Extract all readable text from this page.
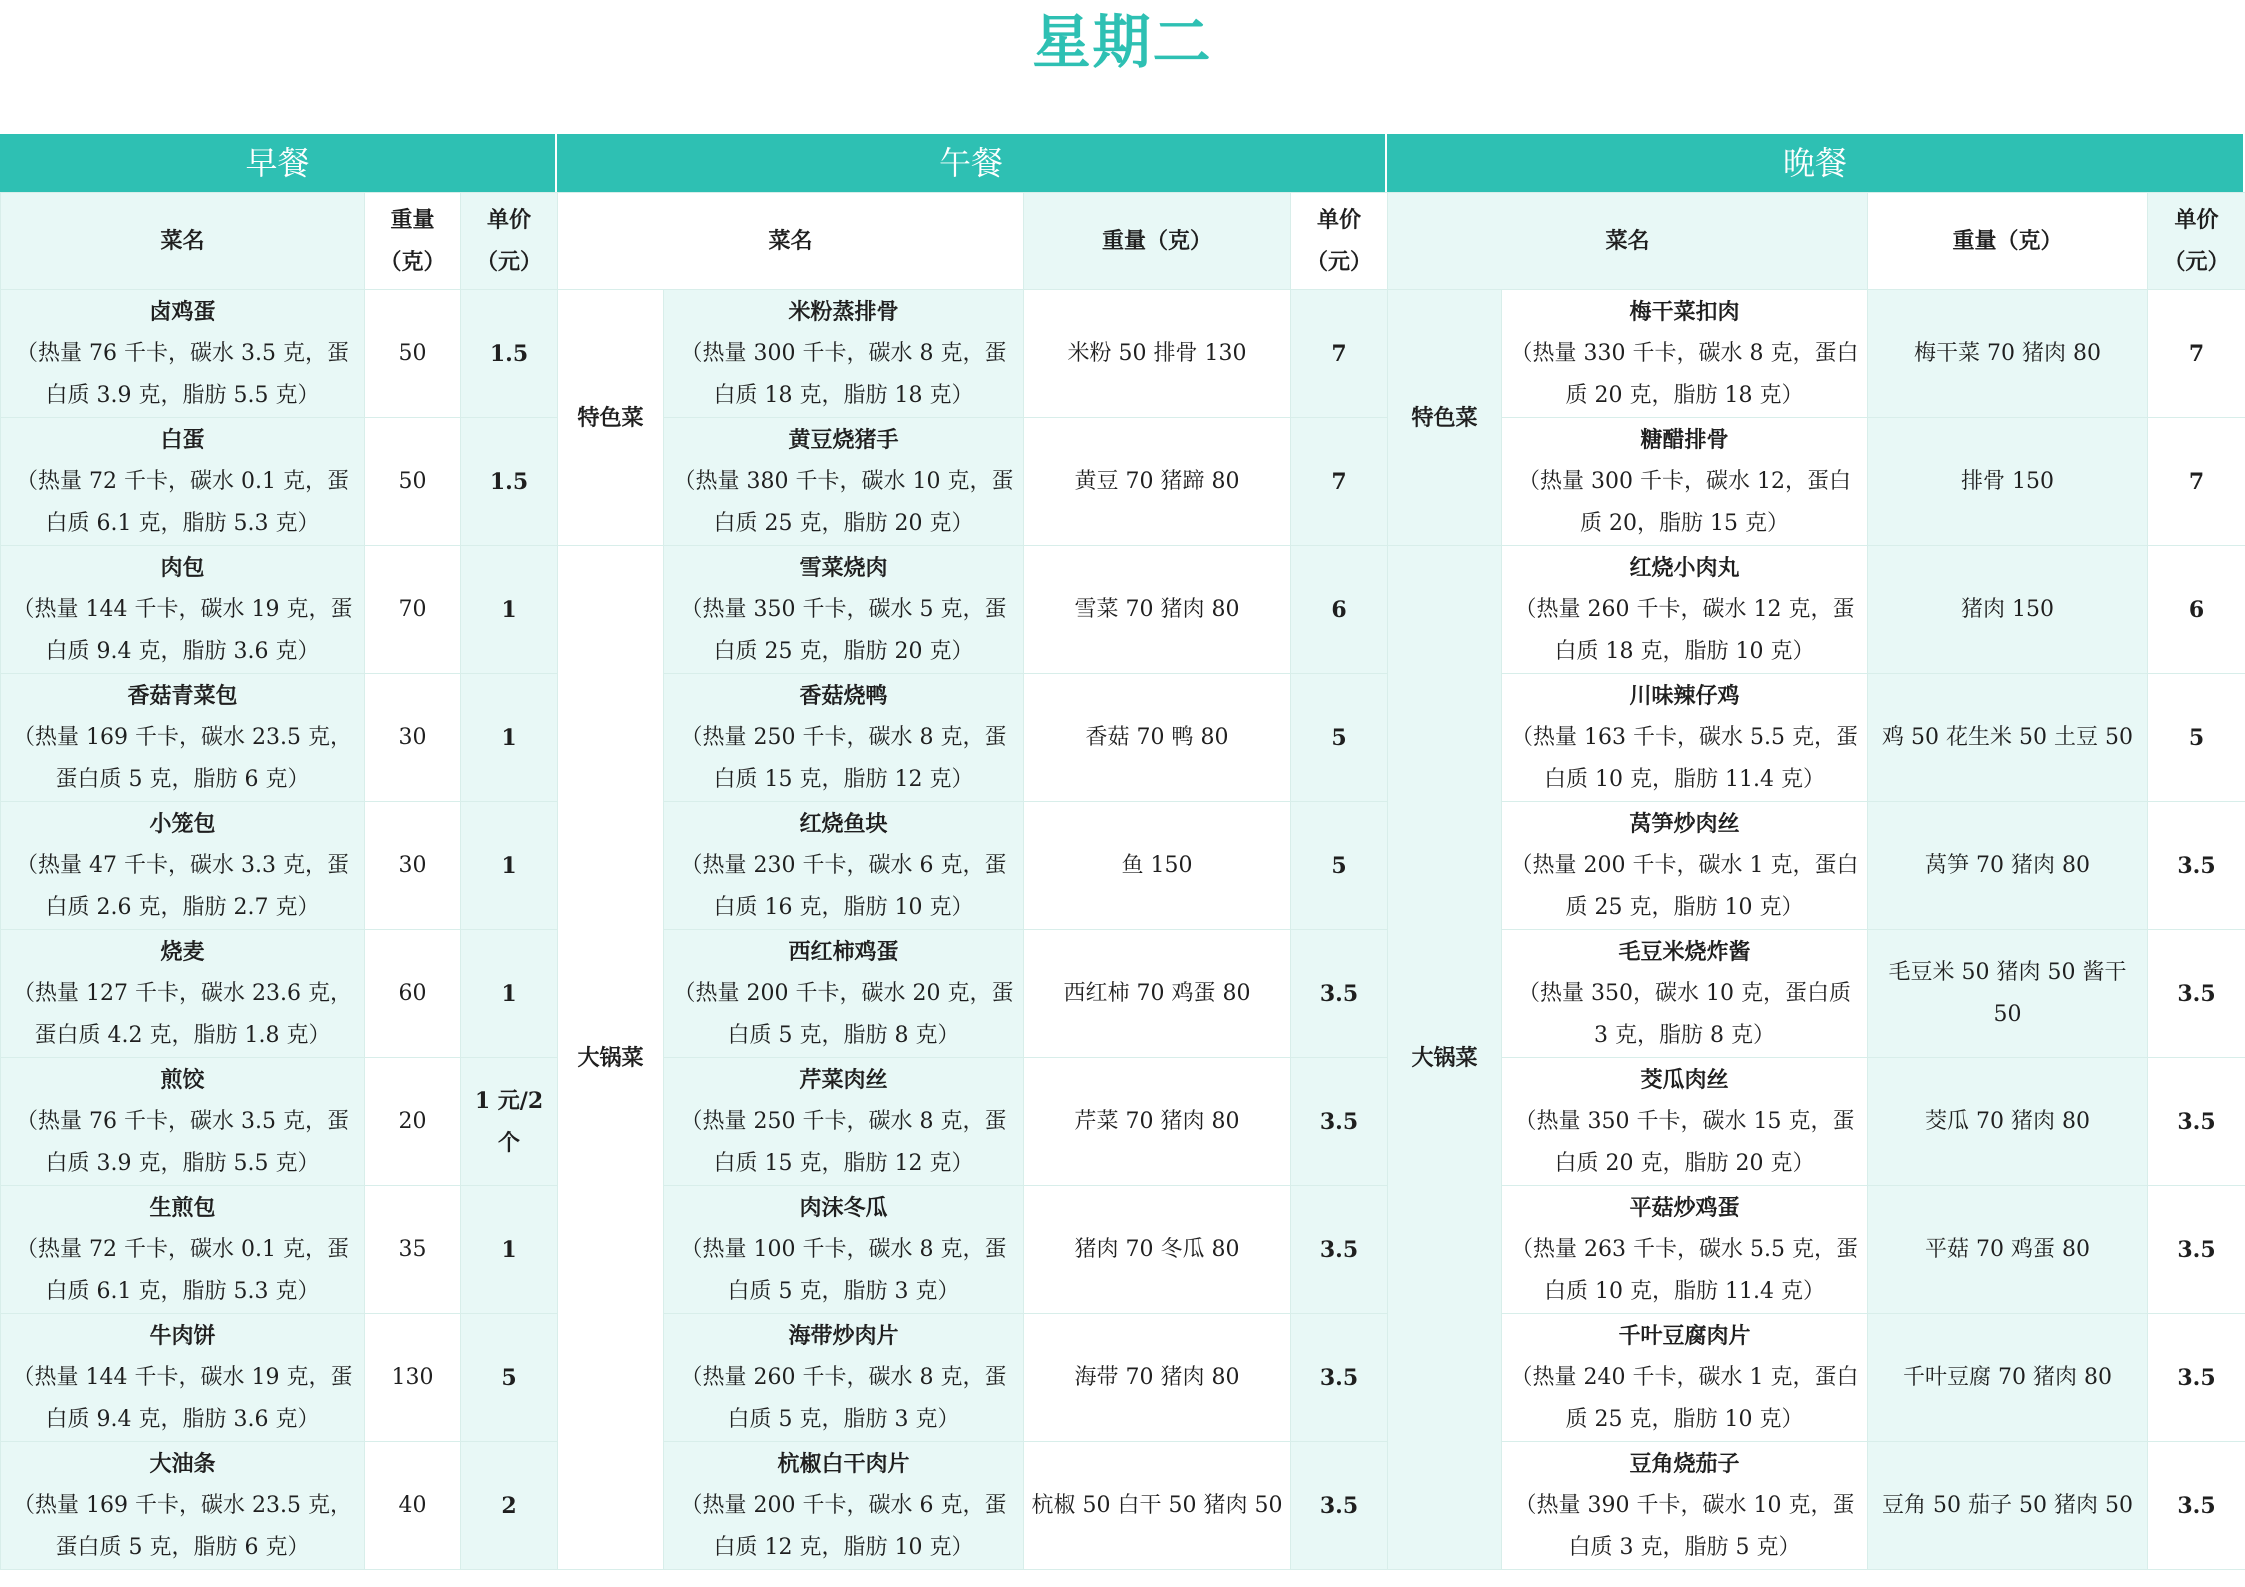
星期二
早餐
菜名	重量（克）	单价（元）

卤鸡蛋
（热量 76 千卡，碳水 3.5 克，蛋白质 3.9 克，脂肪 5.5 克）	50	1.5

白蛋
（热量 72 千卡，碳水 0.1 克，蛋白质 6.1 克，脂肪 5.3 克）	50	1.5

肉包
（热量 144 千卡，碳水 19 克，蛋白质 9.4 克，脂肪 3.6 克）	70	1

香菇青菜包
（热量 169 千卡，碳水 23.5 克，蛋白质 5 克，脂肪 6 克）	30	1

小笼包
（热量 47 千卡，碳水 3.3 克，蛋白质 2.6 克，脂肪 2.7 克）	30	1

烧麦
（热量 127 千卡，碳水 23.6 克，蛋白质 4.2 克，脂肪 1.8 克）	60	1

煎饺
（热量 76 千卡，碳水 3.5 克，蛋白质 3.9 克，脂肪 5.5 克）	20	1 元/2 个

生煎包
（热量 72 千卡，碳水 0.1 克，蛋白质 6.1 克，脂肪 5.3 克）	35	1

牛肉饼
（热量 144 千卡，碳水 19 克，蛋白质 9.4 克，脂肪 3.6 克）	130	5

大油条
（热量 169 千卡，碳水 23.5 克，蛋白质 5 克，脂肪 6 克）	40	2
午餐
菜名		重量（克）	单价（元）
特色菜	米粉蒸排骨
（热量 300 千卡，碳水 8 克，蛋白质 18 克，脂肪 18 克）	米粉 50 排骨 130	7

	黄豆烧猪手
（热量 380 千卡，碳水 10 克，蛋白质 25 克，脂肪 20 克）	黄豆 70 猪蹄 80	7
大锅菜	雪菜烧肉
（热量 350 千卡，碳水 5 克，蛋白质 25 克，脂肪 20 克）	雪菜 70 猪肉 80	6

	香菇烧鸭
（热量 250 千卡，碳水 8 克，蛋白质 15 克，脂肪 12 克）	香菇 70 鸭 80	5

	红烧鱼块
（热量 230 千卡，碳水 6 克，蛋白质 16 克，脂肪 10 克）	鱼 150	5

	西红柿鸡蛋
（热量 200 千卡，碳水 20 克，蛋白质 5 克，脂肪 8 克）	西红柿 70 鸡蛋 80	3.5

	芹菜肉丝
（热量 250 千卡，碳水 8 克，蛋白质 15 克，脂肪 12 克）	芹菜 70 猪肉 80	3.5

	肉沫冬瓜
（热量 100 千卡，碳水 8 克，蛋白质 5 克，脂肪 3 克）	猪肉 70 冬瓜 80	3.5

	海带炒肉片
（热量 260 千卡，碳水 8 克，蛋白质 5 克，脂肪 3 克）	海带 70 猪肉 80	3.5

	杭椒白干肉片
（热量 200 千卡，碳水 6 克，蛋白质 12 克，脂肪 10 克）	杭椒 50 白干 50 猪肉 50	3.5
晚餐
菜名		重量（克）	单价（元）
特色菜	梅干菜扣肉
（热量 330 千卡，碳水 8 克，蛋白质 20 克，脂肪 18 克）	梅干菜 70 猪肉 80	7

	糖醋排骨
（热量 300 千卡，碳水 12，蛋白质 20，脂肪 15 克）	排骨 150	7
大锅菜	红烧小肉丸
（热量 260 千卡，碳水 12 克，蛋白质 18 克，脂肪 10 克）	猪肉 150	6

	川味辣仔鸡
（热量 163 千卡，碳水 5.5 克，蛋白质 10 克，脂肪 11.4 克）	鸡 50 花生米 50 土豆 50	5

	莴笋炒肉丝
（热量 200 千卡，碳水 1 克，蛋白质 25 克，脂肪 10 克）	莴笋 70 猪肉 80	3.5

	毛豆米烧炸酱
（热量 350，碳水 10 克，蛋白质 3 克，脂肪 8 克）	毛豆米 50 猪肉 50 酱干 50	3.5

	茭瓜肉丝
（热量 350 千卡，碳水 15 克，蛋白质 20 克，脂肪 20 克）	茭瓜 70 猪肉 80	3.5

	平菇炒鸡蛋
（热量 263 千卡，碳水 5.5 克，蛋白质 10 克，脂肪 11.4 克）	平菇 70 鸡蛋 80	3.5

	千叶豆腐肉片
（热量 240 千卡，碳水 1 克，蛋白质 25 克，脂肪 10 克）	千叶豆腐 70 猪肉 80	3.5

	豆角烧茄子
（热量 390 千卡，碳水 10 克，蛋白质 3 克，脂肪 5 克）	豆角 50 茄子 50 猪肉 50	3.5
